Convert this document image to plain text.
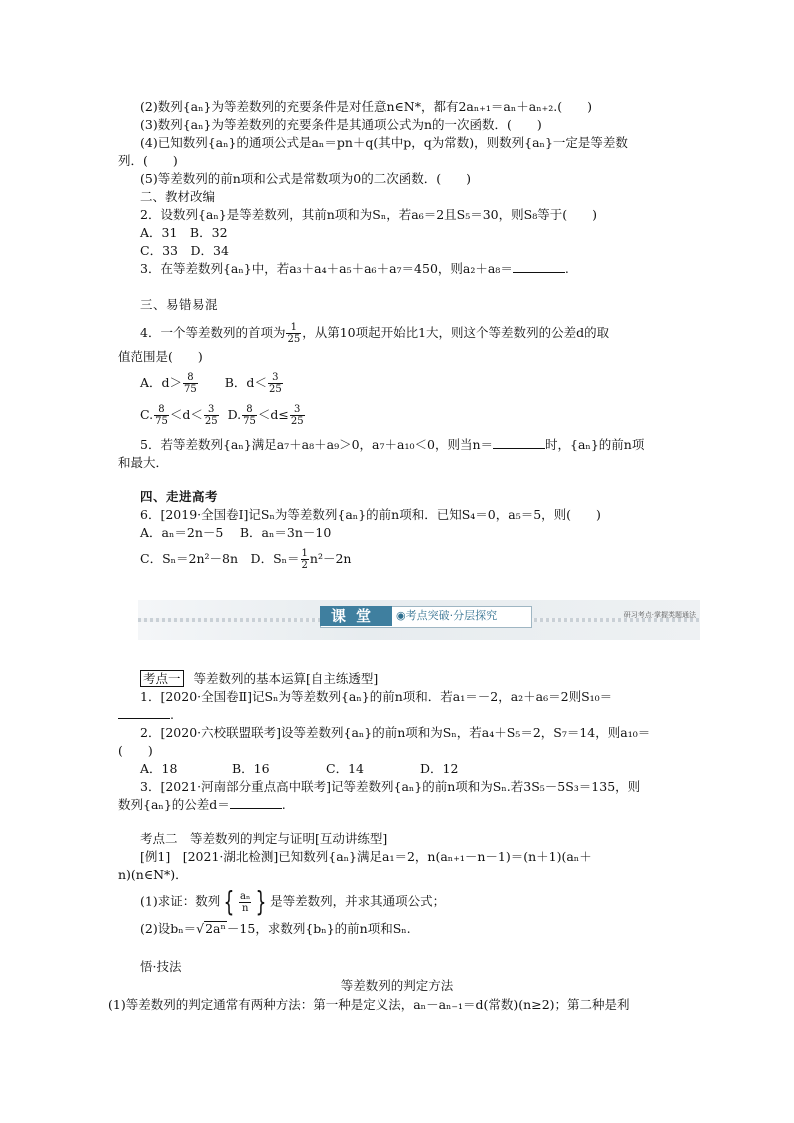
(2)数列{aₙ}为等差数列的充要条件是对任意n∈N*，都有2aₙ₊₁＝aₙ＋aₙ₊₂.(　　)
(3)数列{aₙ}为等差数列的充要条件是其通项公式为n的一次函数．(　　)
(4)已知数列{aₙ}的通项公式是aₙ＝pn＋q(其中p，q为常数)，则数列{aₙ}一定是等差数
列．(　　)
(5)等差数列的前n项和公式是常数项为0的二次函数．(　　)
二、教材改编
2．设数列{aₙ}是等差数列，其前n项和为Sₙ，若a₆＝2且S₅＝30，则S₈等于(　　)
A．31　B．32
C．33　D．34
3．在等差数列{aₙ}中，若a₃＋a₄＋a₅＋a₆＋a₇＝450，则a₂＋a₈＝	.
三、易错易混
4．一个等差数列的首项为 $\frac{1}{25}$ ，从第10项起开始比1大，则这个等差数列的公差d的取
值范围是(　　)
A．$d> \frac{8}{75}$ B．$d< \frac{3}{25}$
C. $\frac{8}{75} <d< \frac{3}{25} D$. $\frac{8}{75} <d\le \frac{3}{25}$
5．若等差数列{aₙ}满足a₇＋a₈＋a₉＞0，a₇＋a₁₀＜0，则当n＝	时，{aₙ}的前n项
和最大．
四、走进高考
6．[2019·全国卷Ⅰ]记Sₙ为等差数列{aₙ}的前n项和．已知S₄＝0，a₅＝5，则(　　)
A．aₙ＝2n－5　 B．aₙ＝3n－10
C．Sₙ＝2n²－8n　D．$S_n= \frac{1}{2} n^2-2n$
课堂	◉考点突破·分层探究	研习考点·掌握类题通法
考点一 等差数列的基本运算[自主练透型]
1．[2020·全国卷Ⅱ]记Sₙ为等差数列{aₙ}的前n项和．若a₁＝－2，a₂＋a₆＝2则S₁₀＝
.
2．[2020·六校联盟联考]设等差数列{aₙ}的前n项和为Sₙ，若a₄＋S₅＝2，S₇＝14，则a₁₀＝
(　　)
A．18	B．16	C．14	D．12
3．[2021·河南部分重点高中联考]记等差数列{aₙ}的前n项和为Sₙ.若3S₅－5S₃＝135，则
数列{aₙ}的公差d＝	.
考点二　等差数列的判定与证明[互动讲练型]
[例1]　[2021·湖北检测]已知数列{aₙ}满足a₁＝2，n(aₙ₊₁－n－1)＝(n＋1)(aₙ＋
n)(n∈N*)．
(1)求证：数列 { $\frac{\text{aₙ}}{n}$ } 是等差数列，并求其通项公式；
(2)设bₙ＝√2aⁿ－15，求数列{bₙ}的前n项和Sₙ.
悟·技法
等差数列的判定方法
(1)等差数列的判定通常有两种方法：第一种是定义法，aₙ－aₙ₋₁＝d(常数)(n≥2)；第二种是利
